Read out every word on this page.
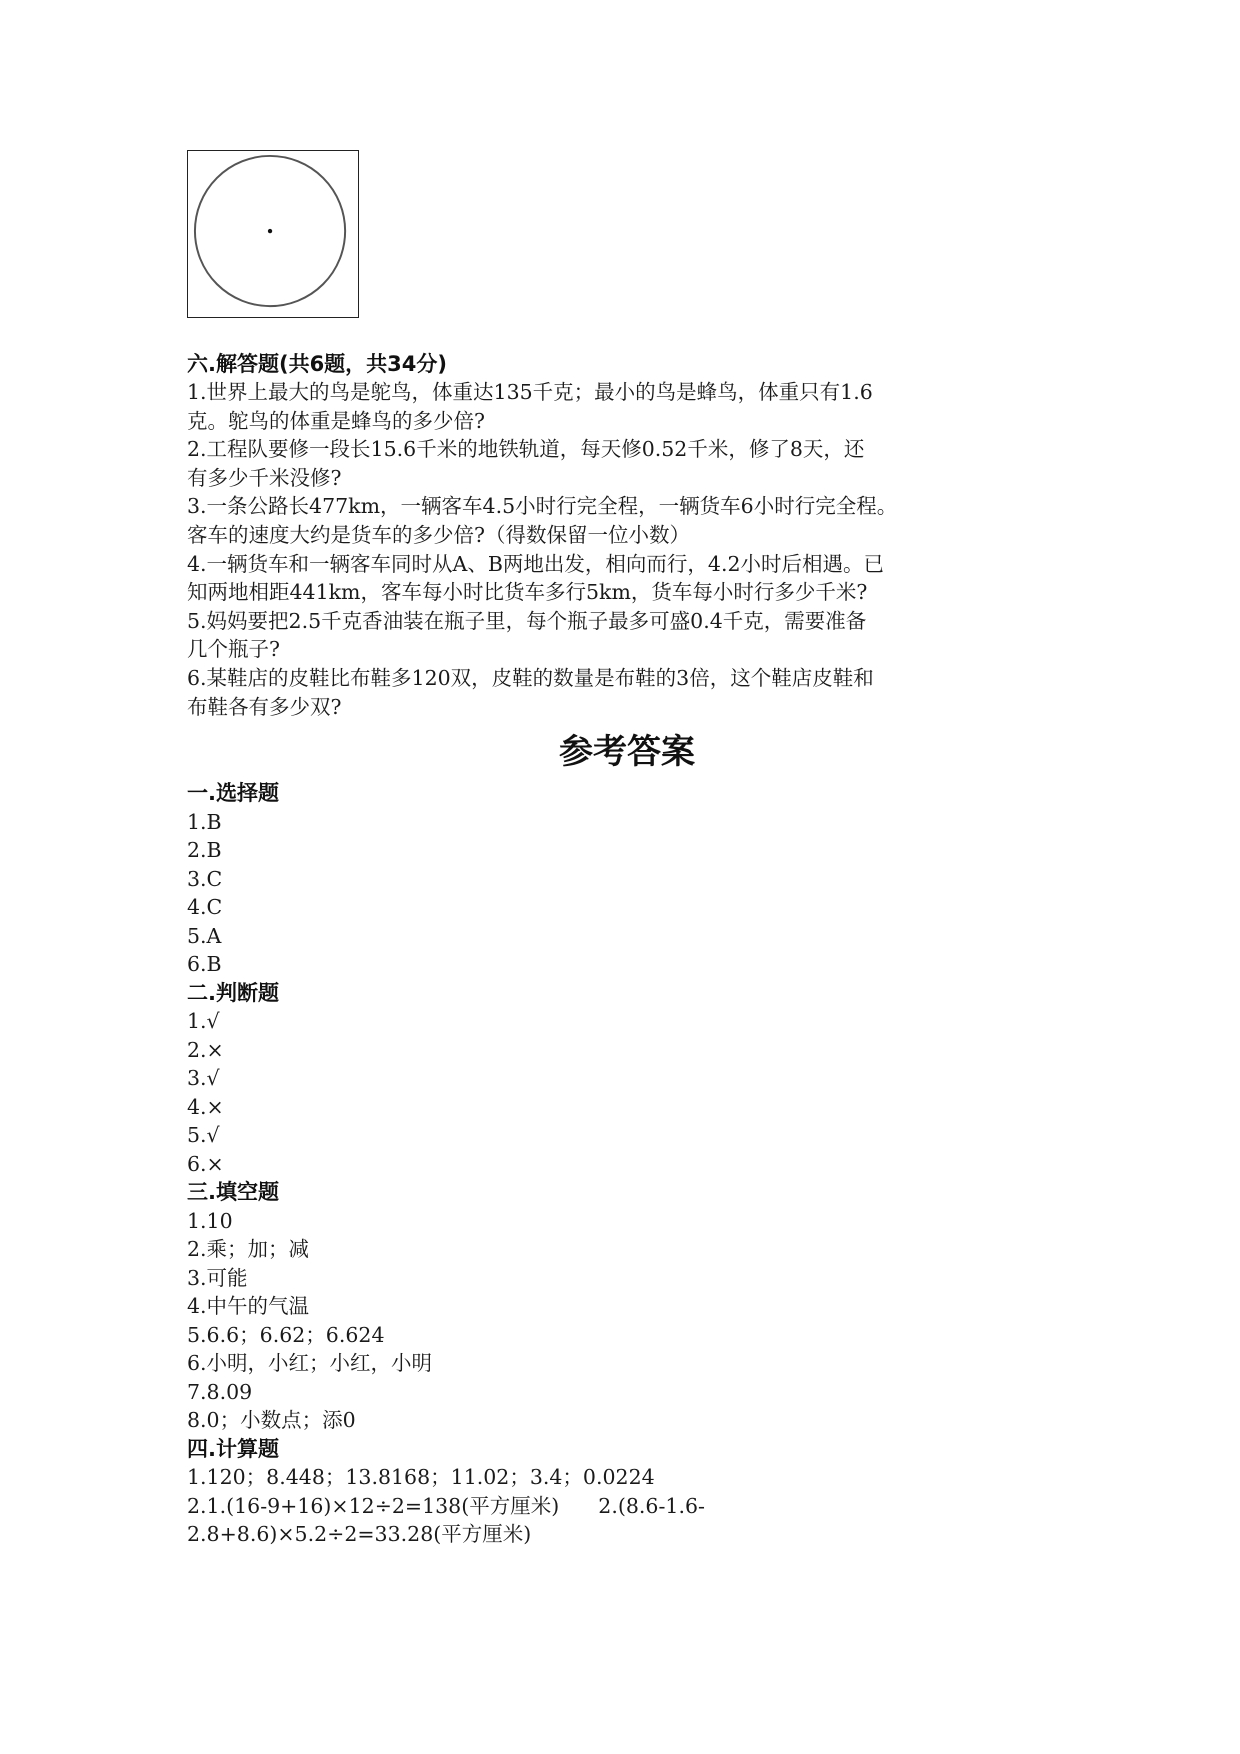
六.解答题(共6题，共34分)

1.世界上最大的鸟是鸵鸟，体重达135千克；最小的鸟是蜂鸟，体重只有1.6
克。鸵鸟的体重是蜂鸟的多少倍?

2.工程队要修一段长15.6千米的地铁轨道，每天修0.52千米，修了8天，还
有多少千米没修?

3.一条公路长477km，一辆客车4.5小时行完全程，一辆货车6小时行完全程。
客车的速度大约是货车的多少倍?（得数保留一位小数）

4.一辆货车和一辆客车同时从A、B两地出发，相向而行，4.2小时后相遇。已
知两地相距441km，客车每小时比货车多行5km，货车每小时行多少千米?

5.妈妈要把2.5千克香油装在瓶子里，每个瓶子最多可盛0.4千克，需要准备
几个瓶子?

6.某鞋店的皮鞋比布鞋多120双，皮鞋的数量是布鞋的3倍，这个鞋店皮鞋和
布鞋各有多少双?

参考答案
一.选择题

1.B

2.B

3.C

4.C

5.A

6.B

二.判断题

1.√

2.×

3.√

4.×

5.√

6.×

三.填空题

1.10

2.乘；加；减

3.可能

4.中午的气温

5.6.6；6.62；6.624

6.小明，小红；小红，小明

7.8.09

8.0；小数点；添0

四.计算题

1.120；8.448；13.8168；11.02；3.4；0.0224

2.1.(16-9+16)×12÷2=138(平方厘米)      2.(8.6-1.6-

2.8+8.6)×5.2÷2=33.28(平方厘米)
